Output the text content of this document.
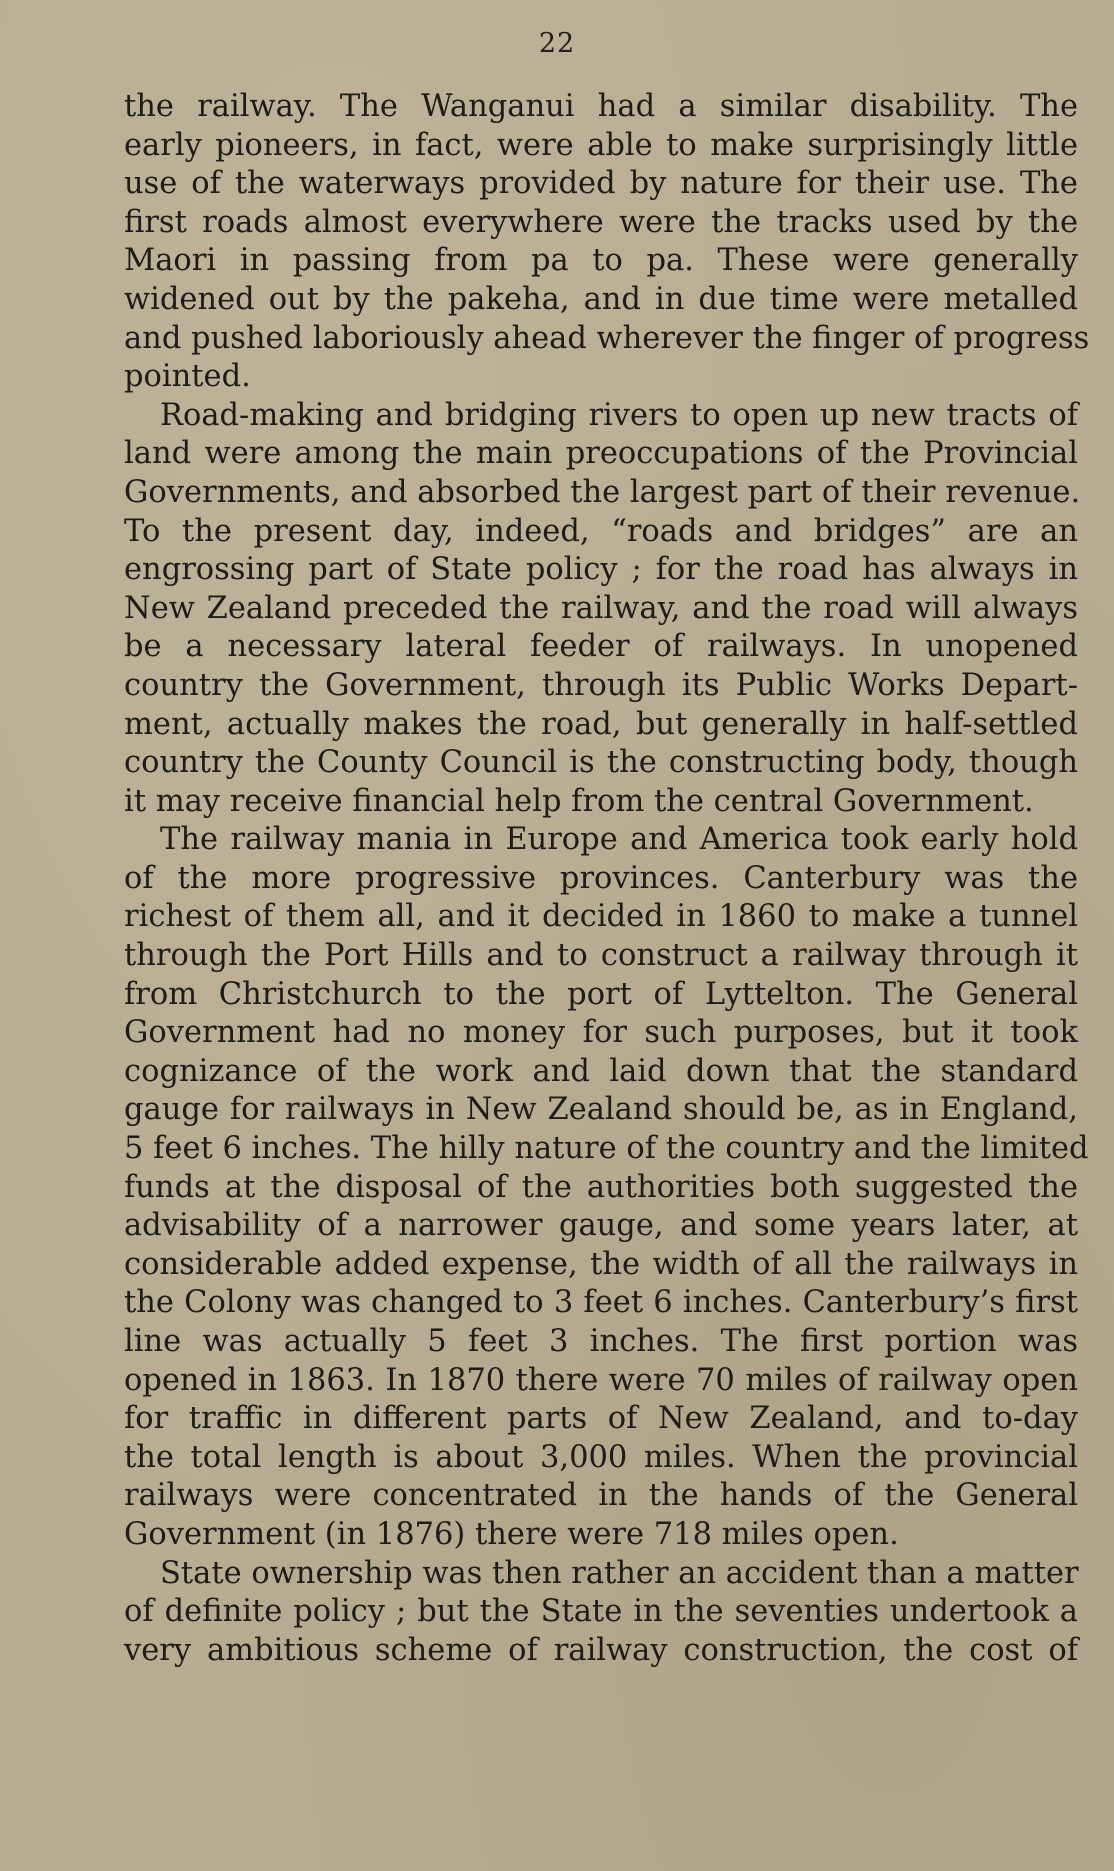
22

the railway. The Wanganui had a similar disability. The
early pioneers, in fact, were able to make surprisingly little
use of the waterways provided by nature for their use. The
first roads almost everywhere were the tracks used by the
Maori in passing from pa to pa. These were generally
widened out by the pakeha, and in due time were metalled
and pushed laboriously ahead wherever the finger of progress
pointed.

Road-making and bridging rivers to open up new tracts of
land were among the main preoccupations of the Provincial
Governments, and absorbed the largest part of their revenue.
To the present day, indeed, “roads and bridges” are an
engrossing part of State policy ; for the road has always in
New Zealand preceded the railway, and the road will always
be a necessary lateral feeder of railways. In unopened
country the Government, through its Public Works Depart-
ment, actually makes the road, but generally in half-settled
country the County Council is the constructing body, though
it may receive financial help from the central Government.

The railway mania in Europe and America took early hold
of the more progressive provinces. Canterbury was the
richest of them all, and it decided in 1860 to make a tunnel
through the Port Hills and to construct a railway through it
from Christchurch to the port of Lyttelton. The General
Government had no money for such purposes, but it took
cognizance of the work and laid down that the standard
gauge for railways in New Zealand should be, as in England,
5 feet 6 inches. The hilly nature of the country and the limited
funds at the disposal of the authorities both suggested the
advisability of a narrower gauge, and some years later, at
considerable added expense, the width of all the railways in
the Colony was changed to 3 feet 6 inches. Canterbury’s first
line was actually 5 feet 3 inches. The first portion was
opened in 1863. In 1870 there were 70 miles of railway open
for traffic in different parts of New Zealand, and to-day
the total length is about 3,000 miles. When the provincial
railways were concentrated in the hands of the General
Government (in 1876) there were 718 miles open.

State ownership was then rather an accident than a matter
of definite policy ; but the State in the seventies undertook a
very ambitious scheme of railway construction, the cost of
